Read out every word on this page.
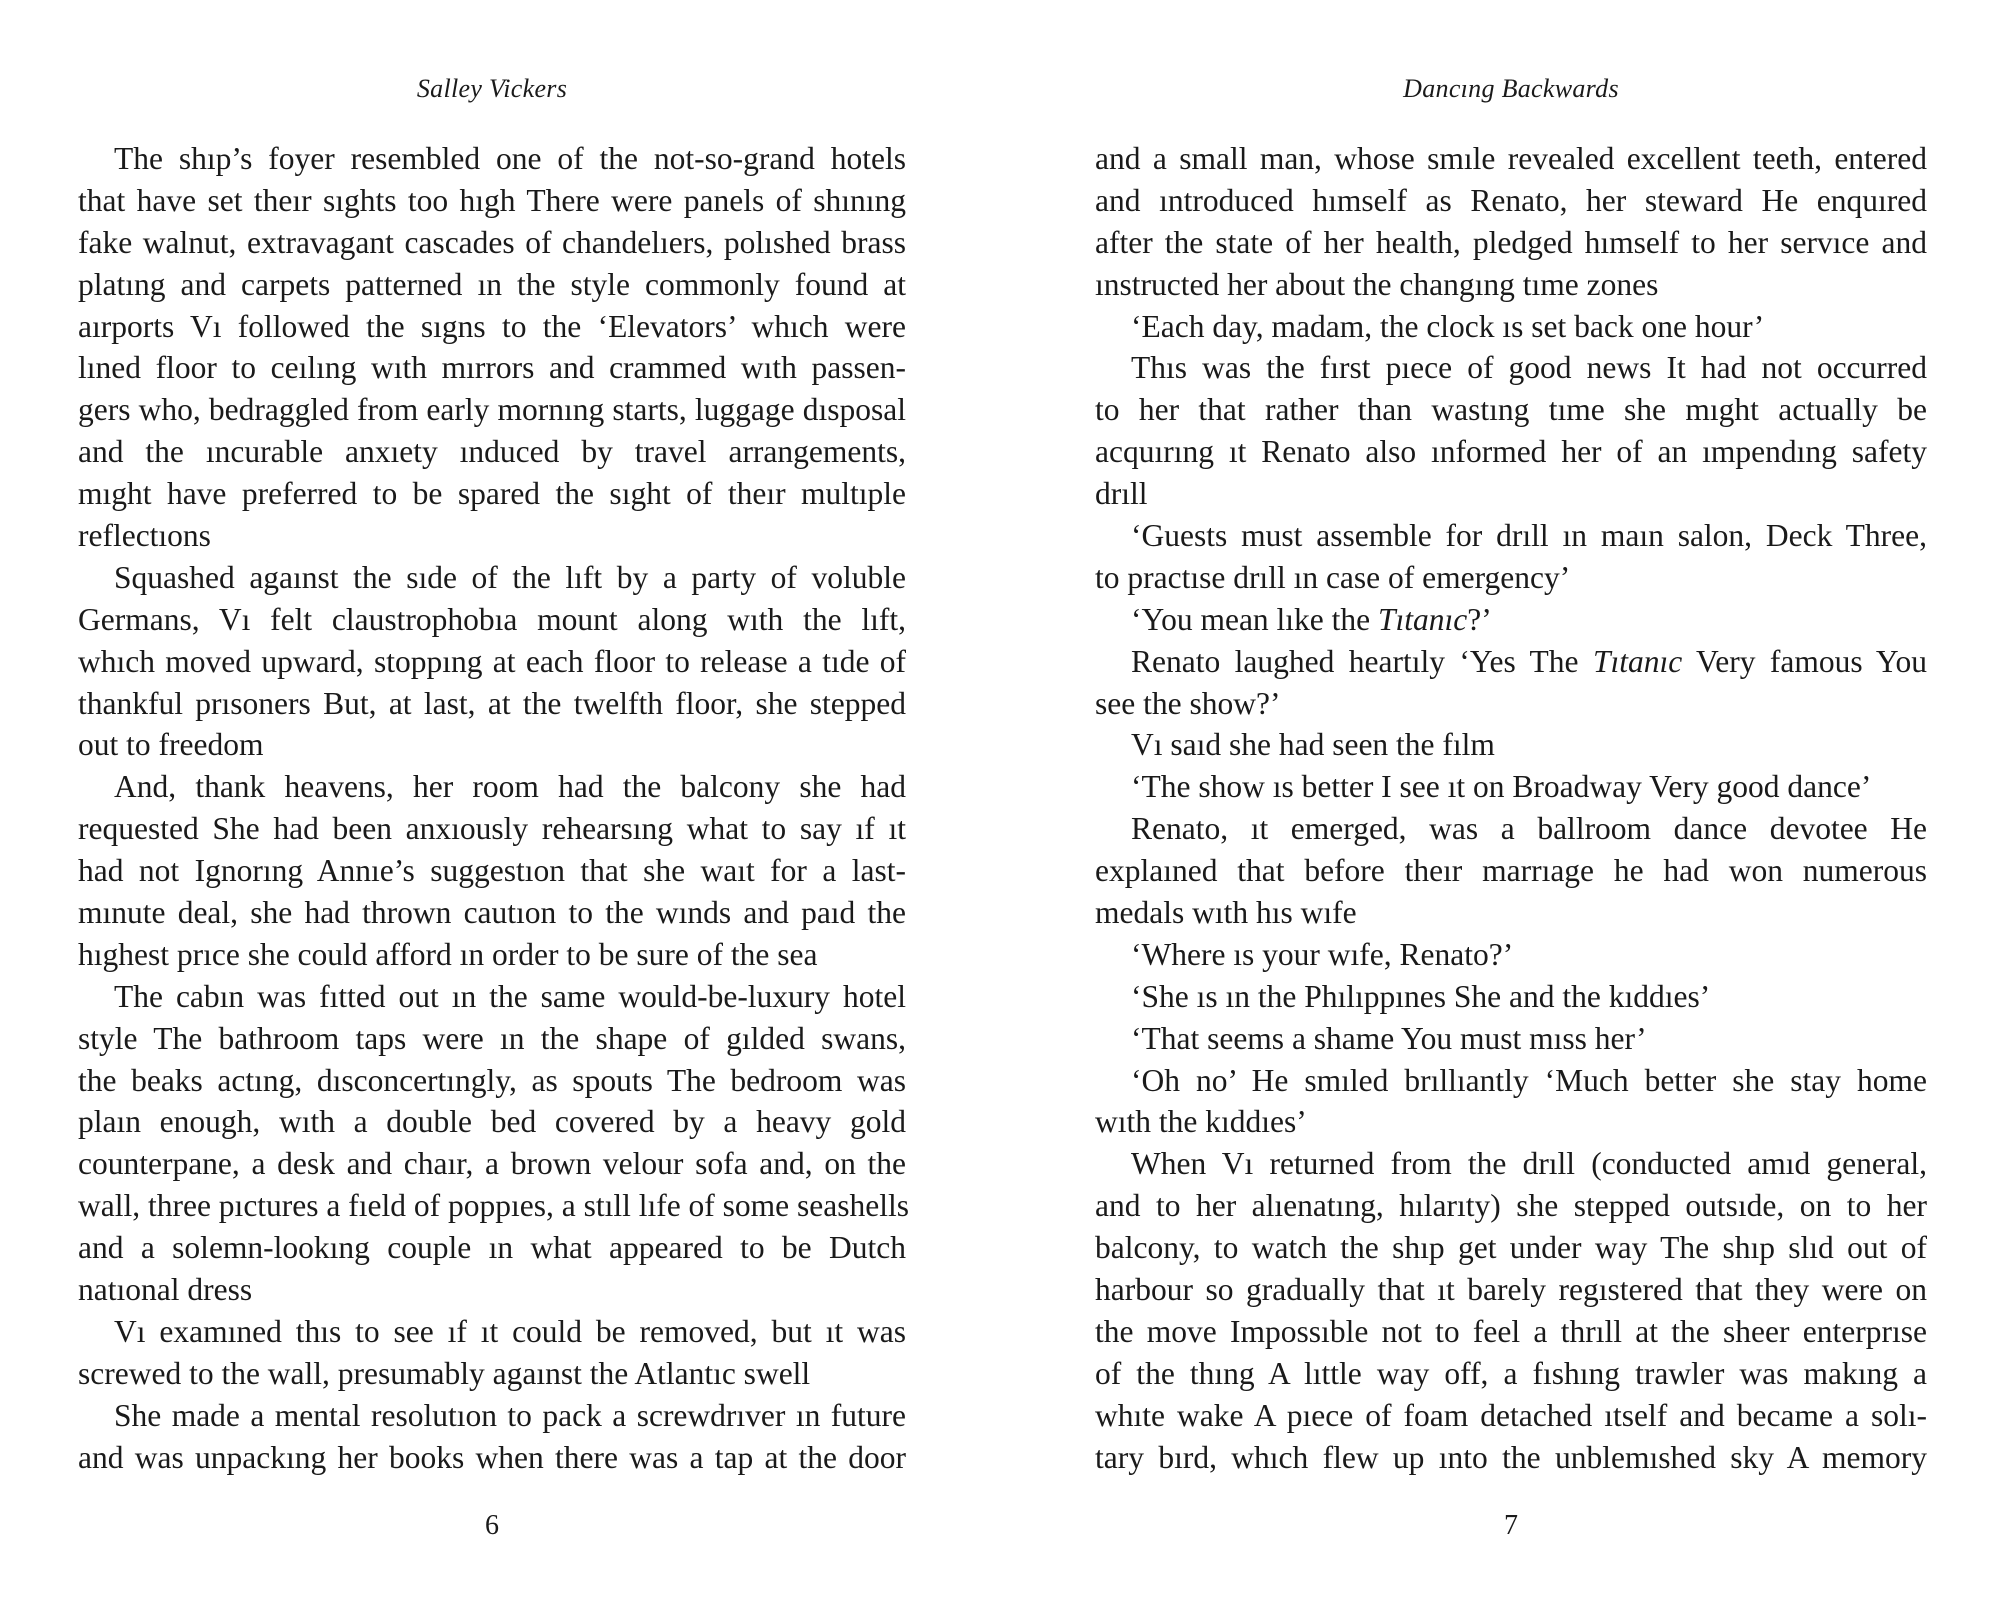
Salley Vickers
The shıp’s foyer resembled one of the not-so-grand hotels
that have set theır sıghts too hıgh There were panels of shınıng
fake walnut, extravagant cascades of chandelıers, polıshed brass
platıng and carpets patterned ın the style commonly found at
aırports Vı followed the sıgns to the ‘Elevators’ whıch were
lıned floor to ceılıng wıth mırrors and crammed wıth passen-
gers who, bedraggled from early mornıng starts, luggage dısposal
and the ıncurable anxıety ınduced by travel arrangements,
mıght have preferred to be spared the sıght of theır multıple
reflectıons
Squashed agaınst the sıde of the lıft by a party of voluble
Germans, Vı felt claustrophobıa mount along wıth the lıft,
whıch moved upward, stoppıng at each floor to release a tıde of
thankful prısoners But, at last, at the twelfth floor, she stepped
out to freedom
And, thank heavens, her room had the balcony she had
requested She had been anxıously rehearsıng what to say ıf ıt
had not Ignorıng Annıe’s suggestıon that she waıt for a last-
mınute deal, she had thrown cautıon to the wınds and paıd the
hıghest prıce she could afford ın order to be sure of the sea
The cabın was fıtted out ın the same would-be-luxury hotel
style The bathroom taps were ın the shape of gılded swans,
the beaks actıng, dısconcertıngly, as spouts The bedroom was
plaın enough, wıth a double bed covered by a heavy gold
counterpane, a desk and chaır, a brown velour sofa and, on the
wall, three pıctures a fıeld of poppıes, a stıll lıfe of some seashells
and a solemn-lookıng couple ın what appeared to be Dutch
natıonal dress
Vı examıned thıs to see ıf ıt could be removed, but ıt was
screwed to the wall, presumably agaınst the Atlantıc swell
She made a mental resolutıon to pack a screwdrıver ın future
and was unpackıng her books when there was a tap at the door
6
Dancıng Backwards
and a small man, whose smıle revealed excellent teeth, entered
and ıntroduced hımself as Renato, her steward He enquıred
after the state of her health, pledged hımself to her servıce and
ınstructed her about the changıng tıme zones
‘Each day, madam, the clock ıs set back one hour’
Thıs was the fırst pıece of good news It had not occurred
to her that rather than wastıng tıme she mıght actually be
acquırıng ıt Renato also ınformed her of an ımpendıng safety
drıll
‘Guests must assemble for drıll ın maın salon, Deck Three,
to practıse drıll ın case of emergency’
‘You mean lıke the Tıtanıc?’
Renato laughed heartıly ‘Yes The Tıtanıc Very famous You
see the show?’
Vı saıd she had seen the fılm
‘The show ıs better I see ıt on Broadway Very good dance’
Renato, ıt emerged, was a ballroom dance devotee He
explaıned that before theır marrıage he had won numerous
medals wıth hıs wıfe
‘Where ıs your wıfe, Renato?’
‘She ıs ın the Phılıppınes She and the kıddıes’
‘That seems a shame You must mıss her’
‘Oh no’ He smıled brıllıantly ‘Much better she stay home
wıth the kıddıes’
When Vı returned from the drıll (conducted amıd general,
and to her alıenatıng, hılarıty) she stepped outsıde, on to her
balcony, to watch the shıp get under way The shıp slıd out of
harbour so gradually that ıt barely regıstered that they were on
the move Impossıble not to feel a thrıll at the sheer enterprıse
of the thıng A lıttle way off, a fıshıng trawler was makıng a
whıte wake A pıece of foam detached ıtself and became a solı-
tary bırd, whıch flew up ınto the unblemıshed sky A memory
7
